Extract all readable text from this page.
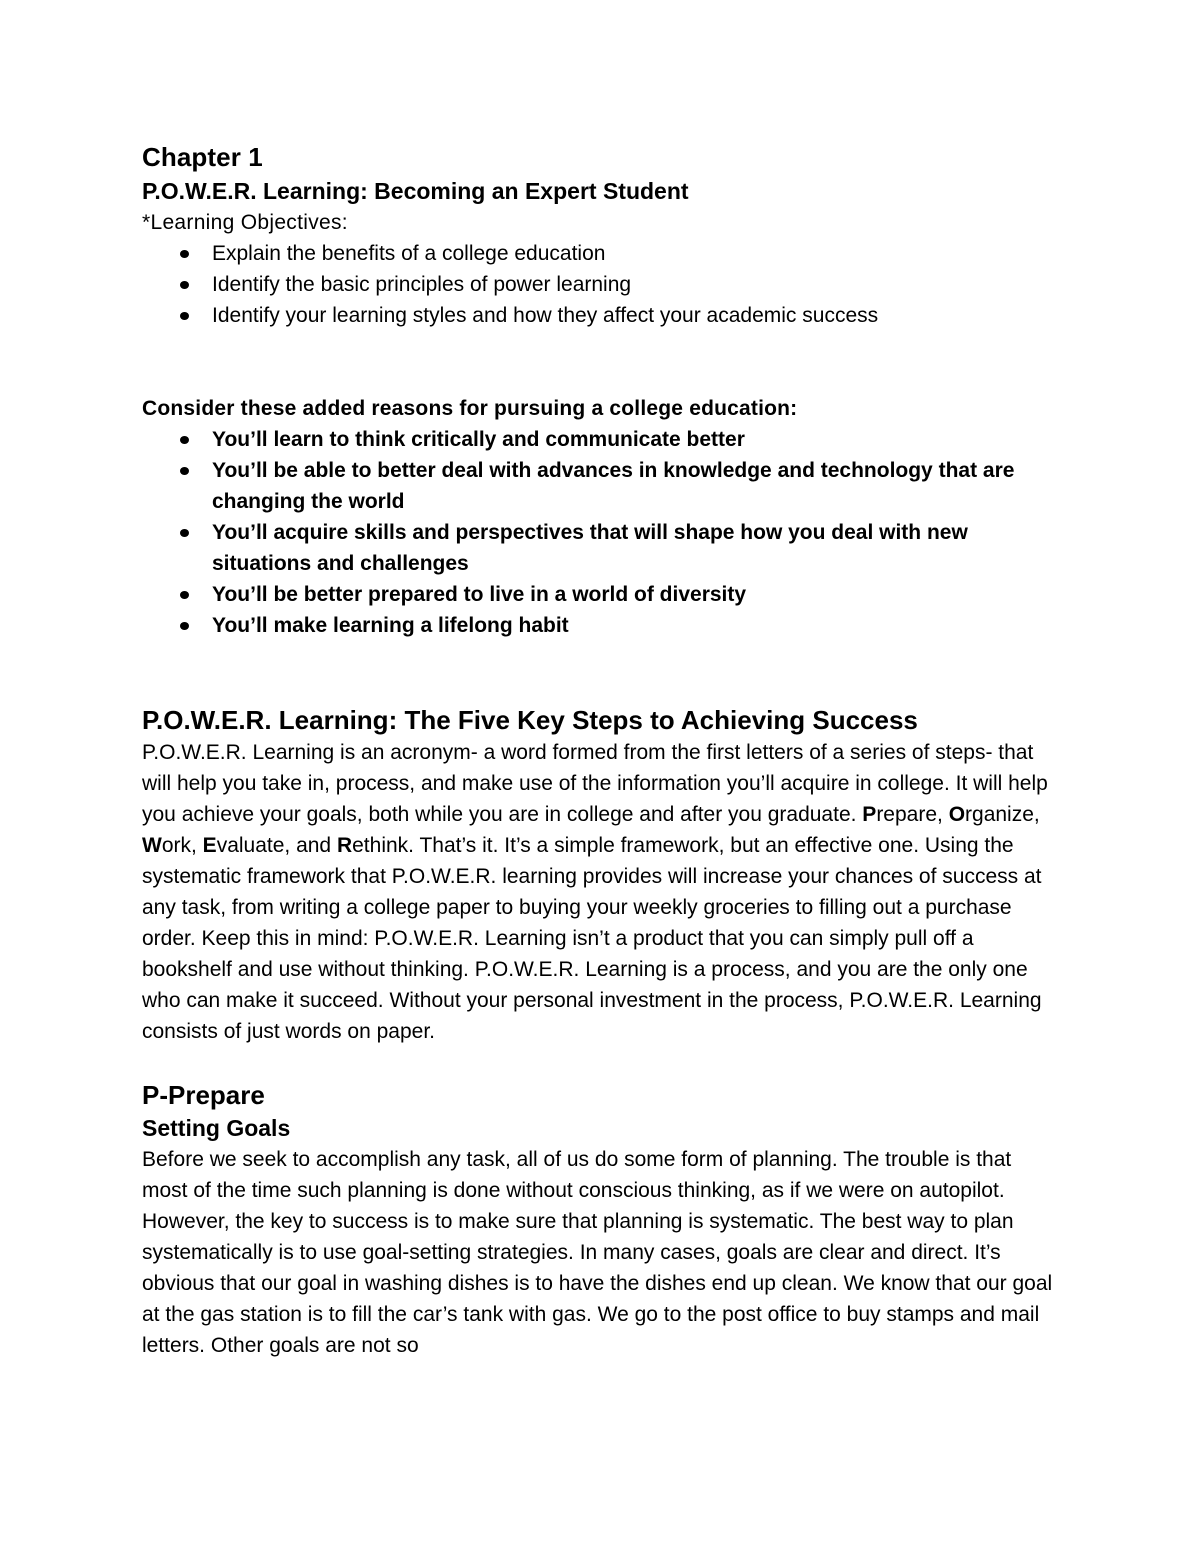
Chapter 1
P.O.W.E.R. Learning: Becoming an Expert Student

*Learning Objectives:

Explain the benefits of a college education
Identify the basic principles of power learning
Identify your learning styles and how they affect your academic success

Consider these added reasons for pursuing a college education:

You’ll learn to think critically and communicate better
You’ll be able to better deal with advances in knowledge and technology that are changing the world
You’ll acquire skills and perspectives that will shape how you deal with new situations and challenges
You’ll be better prepared to live in a world of diversity
You’ll make learning a lifelong habit
P.O.W.E.R. Learning: The Five Key Steps to Achieving Success

P.O.W.E.R. Learning is an acronym- a word formed from the first letters of a series of steps- that will help you take in, process, and make use of the information you’ll acquire in college. It will help you achieve your goals, both while you are in college and after you graduate. Prepare, Organize, Work, Evaluate, and Rethink. That’s it. It’s a simple framework, but an effective one. Using the systematic framework that P.O.W.E.R. learning provides will increase your chances of success at any task, from writing a college paper to buying your weekly groceries to filling out a purchase order. Keep this in mind: P.O.W.E.R. Learning isn’t a product that you can simply pull off a bookshelf and use without thinking. P.O.W.E.R. Learning is a process, and you are the only one who can make it succeed. Without your personal investment in the process, P.O.W.E.R. Learning consists of just words on paper.

P-Prepare
Setting Goals

Before we seek to accomplish any task, all of us do some form of planning. The trouble is that most of the time such planning is done without conscious thinking, as if we were on autopilot. However, the key to success is to make sure that planning is systematic. The best way to plan systematically is to use goal-setting strategies. In many cases, goals are clear and direct. It’s obvious that our goal in washing dishes is to have the dishes end up clean. We know that our goal at the gas station is to fill the car’s tank with gas. We go to the post office to buy stamps and mail letters. Other goals are not so
